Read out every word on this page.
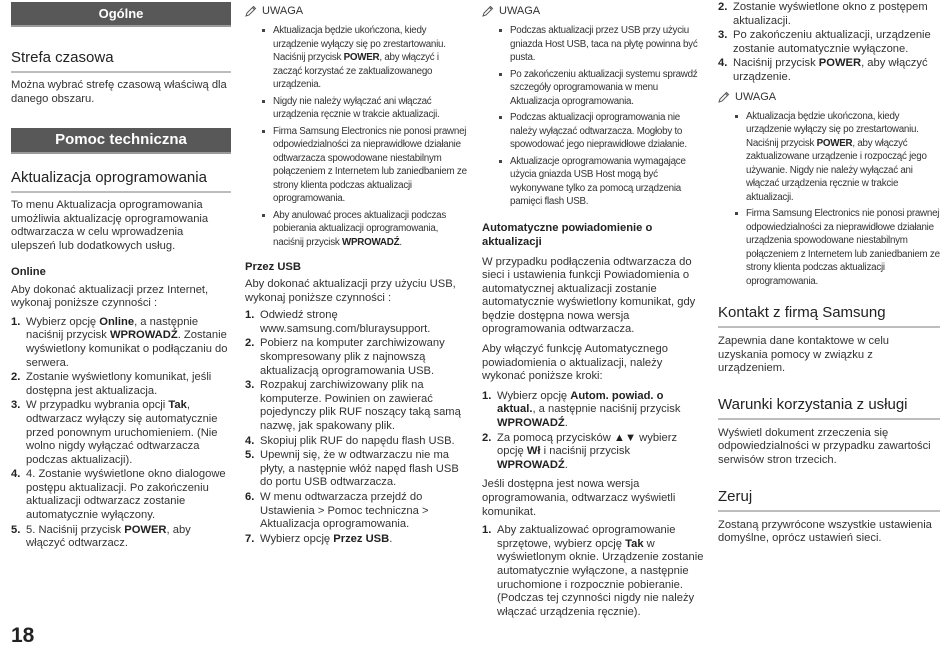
Ogólne
Strefa czasowa

Można wybrać strefę czasową właściwą dla danego obszaru.

Pomoc techniczna
Aktualizacja oprogramowania

To menu Aktualizacja oprogramowania umożliwia aktualizację oprogramowania odtwarzacza w celu wprowadzenia ulepszeń lub dodatkowych usług.

Online

Aby dokonać aktualizacji przez Internet, wykonaj poniższe czynności :

1. Wybierz opcję Online, a następnie naciśnij przycisk WPROWADŹ. Zostanie wyświetlony komunikat o podłączaniu do serwera.
2. Zostanie wyświetlony komunikat, jeśli dostępna jest aktualizacja.
3. W przypadku wybrania opcji Tak, odtwarzacz wyłączy się automatycznie przed ponownym uruchomieniem. (Nie wolno nigdy wyłączać odtwarzacza podczas aktualizacji).
4. 4. Zostanie wyświetlone okno dialogowe postępu aktualizacji. Po zakończeniu aktualizacji odtwarzacz zostanie automatycznie wyłączony.
5. 5. Naciśnij przycisk POWER, aby włączyć odtwarzacz.
UWAGA
Aktualizacja będzie ukończona, kiedy urządzenie wyłączy się po zrestartowaniu. Naciśnij przycisk POWER, aby włączyć i zacząć korzystać ze zaktualizowanego urządzenia.
Nigdy nie należy wyłączać ani włączać urządzenia ręcznie w trakcie aktualizacji.
Firma Samsung Electronics nie ponosi prawnej odpowiedzialności za nieprawidłowe działanie odtwarzacza spowodowane niestabilnym połączeniem z Internetem lub zaniedbaniem ze strony klienta podczas aktualizacji oprogramowania.
Aby anulować proces aktualizacji podczas pobierania aktualizacji oprogramowania, naciśnij przycisk WPROWADŹ.

Przez USB

Aby dokonać aktualizacji przy użyciu USB, wykonaj poniższe czynności :

1. Odwiedź stronę www.samsung.com/bluraysupport.
2. Pobierz na komputer zarchiwizowany skompresowany plik z najnowszą aktualizacją oprogramowania USB.
3. Rozpakuj zarchiwizowany plik na komputerze. Powinien on zawierać pojedynczy plik RUF noszący taką samą nazwę, jak spakowany plik.
4. Skopiuj plik RUF do napędu flash USB.
5. Upewnij się, że w odtwarzaczu nie ma płyty, a następnie włóż napęd flash USB do portu USB odtwarzacza.
6. W menu odtwarzacza przejdź do Ustawienia > Pomoc techniczna > Aktualizacja oprogramowania.
7. Wybierz opcję Przez USB.
UWAGA
Podczas aktualizacji przez USB przy użyciu gniazda Host USB, taca na płytę powinna być pusta.
Po zakończeniu aktualizacji systemu sprawdź szczegóły oprogramowania w menu Aktualizacja oprogramowania.
Podczas aktualizacji oprogramowania nie należy wyłączać odtwarzacza. Mogłoby to spowodować jego nieprawidłowe działanie.
Aktualizacje oprogramowania wymagające użycia gniazda USB Host mogą być wykonywane tylko za pomocą urządzenia pamięci flash USB.

Automatyczne powiadomienie o aktualizacji

W przypadku podłączenia odtwarzacza do sieci i ustawienia funkcji Powiadomienia o automatycznej aktualizacji zostanie automatycznie wyświetlony komunikat, gdy będzie dostępna nowa wersja oprogramowania odtwarzacza.

Aby włączyć funkcję Automatycznego powiadomienia o aktualizacji, należy wykonać poniższe kroki:

1. Wybierz opcję Autom. powiad. o aktual., a następnie naciśnij przycisk WPROWADŹ.
2. Za pomocą przycisków ▲▼ wybierz opcję Wł i naciśnij przycisk WPROWADŹ.

Jeśli dostępna jest nowa wersja oprogramowania, odtwarzacz wyświetli komunikat.

1. Aby zaktualizować oprogramowanie sprzętowe, wybierz opcję Tak w wyświetlonym oknie. Urządzenie zostanie automatycznie wyłączone, a następnie uruchomione i rozpocznie pobieranie. (Podczas tej czynności nigdy nie należy włączać urządzenia ręcznie).
2. Zostanie wyświetlone okno z postępem aktualizacji.
3. Po zakończeniu aktualizacji, urządzenie zostanie automatycznie wyłączone.
4. Naciśnij przycisk POWER, aby włączyć urządzenie.
UWAGA
Aktualizacja będzie ukończona, kiedy urządzenie wyłączy się po zrestartowaniu. Naciśnij przycisk POWER, aby włączyć zaktualizowane urządzenie i rozpocząć jego używanie. Nigdy nie należy wyłączać ani włączać urządzenia ręcznie w trakcie aktualizacji.
Firma Samsung Electronics nie ponosi prawnej odpowiedzialności za nieprawidłowe działanie urządzenia spowodowane niestabilnym połączeniem z Internetem lub zaniedbaniem ze strony klienta podczas aktualizacji oprogramowania.
Kontakt z firmą Samsung

Zapewnia dane kontaktowe w celu uzyskania pomocy w związku z urządzeniem.

Warunki korzystania z usługi

Wyświetl dokument zrzeczenia się odpowiedzialności w przypadku zawartości serwisów stron trzecich.

Zeruj

Zostaną przywrócone wszystkie ustawienia domyślne, oprócz ustawień sieci.

18
